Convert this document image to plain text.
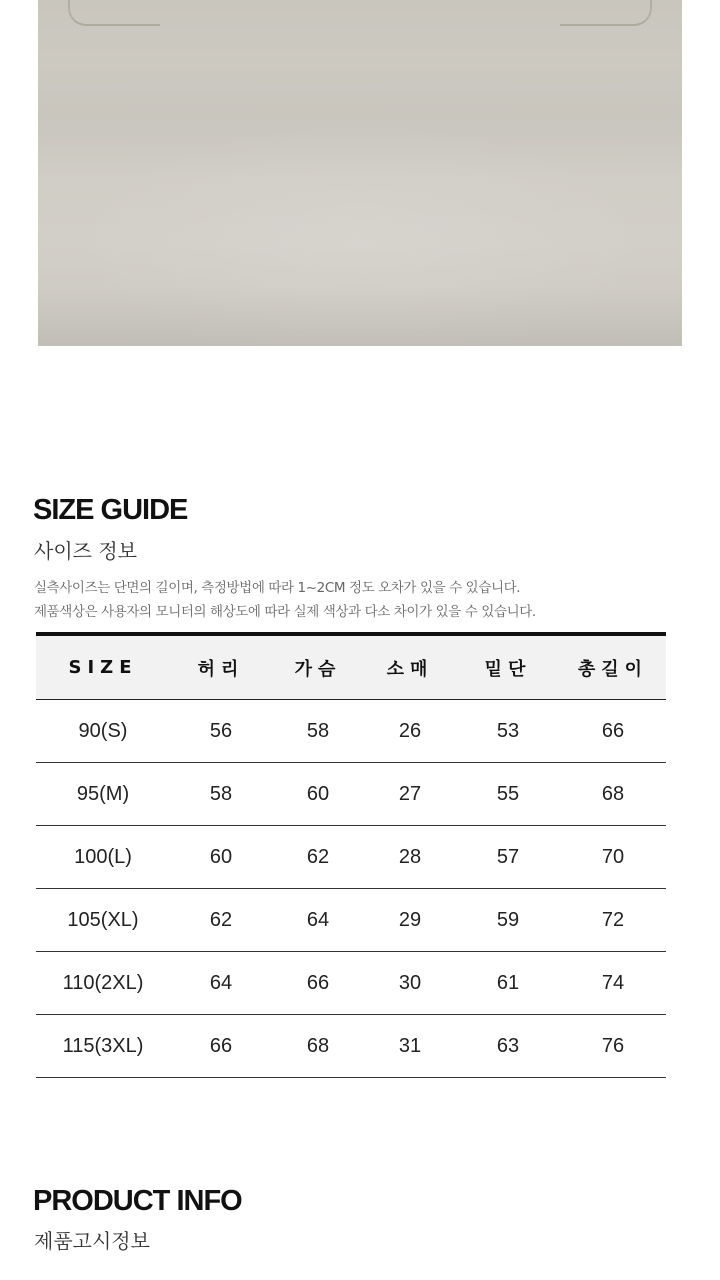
SIZE GUIDE

사이즈 정보

실측사이즈는 단면의 길이며, 측정방법에 따라 1~2CM 정도 오차가 있을 수 있습니다.
제품색상은 사용자의 모니터의 해상도에 따라 실제 색상과 다소 차이가 있을 수 있습니다.
SIZE	허리	가슴	소매	밑단	총길이
90(S)	56	58	26	53	66
95(M)	58	60	27	55	68
100(L)	60	62	28	57	70
105(XL)	62	64	29	59	72
110(2XL)	64	66	30	61	74
115(3XL)	66	68	31	63	76
PRODUCT INFO

제품고시정보
